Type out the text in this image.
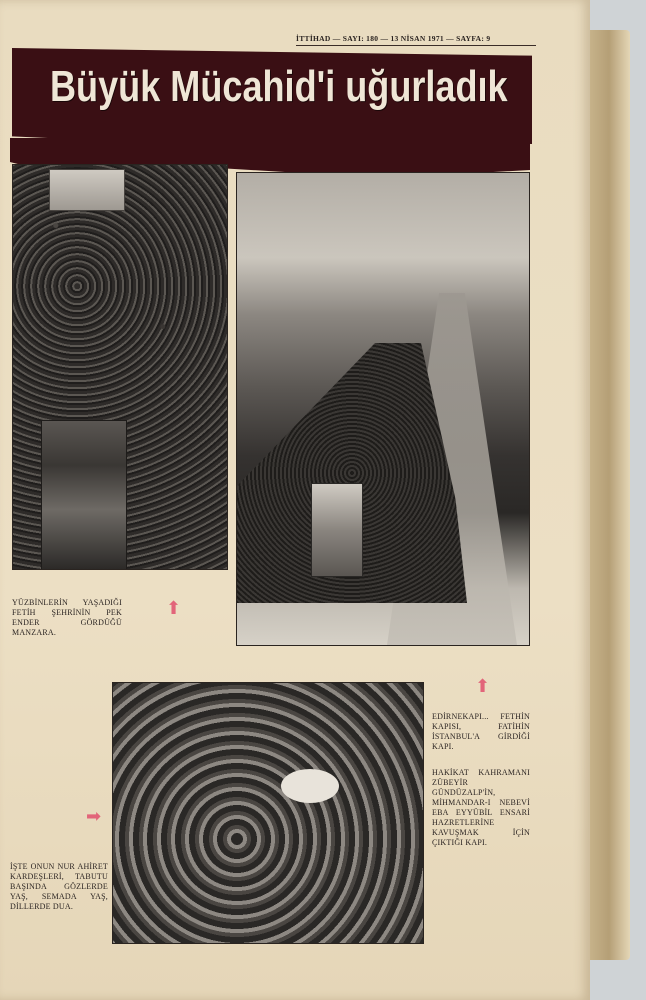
İTTİHAD — SAYI: 180 — 13 NİSAN 1971 — SAYFA: 9
Büyük Mücahid'i uğurladık
YÜZBİNLERİN YAŞADIĞI FETİH ŞEHRİNİN PEK ENDER GÖRDÜĞÜ MANZARA.
⬆
⬆
EDİRNEKAPI... FETHİN KAPISI, FATİHİN İSTANBUL'A GİRDİĞİ KAPI.
HAKİKAT KAHRAMANI ZÜBEYİR GÜNDÜZALP'İN, MİHMANDAR-I NEBEVİ EBA EYYÜBİL ENSARİ HAZRETLERİNE KAVUŞMAK İÇİN ÇIKTIĞI KAPI.
➡
İŞTE ONUN NUR AHİRET KARDEŞLERİ, TABUTU BAŞINDA GÖZLERDE YAŞ, SEMADA YAŞ, DİLLERDE DUA.
